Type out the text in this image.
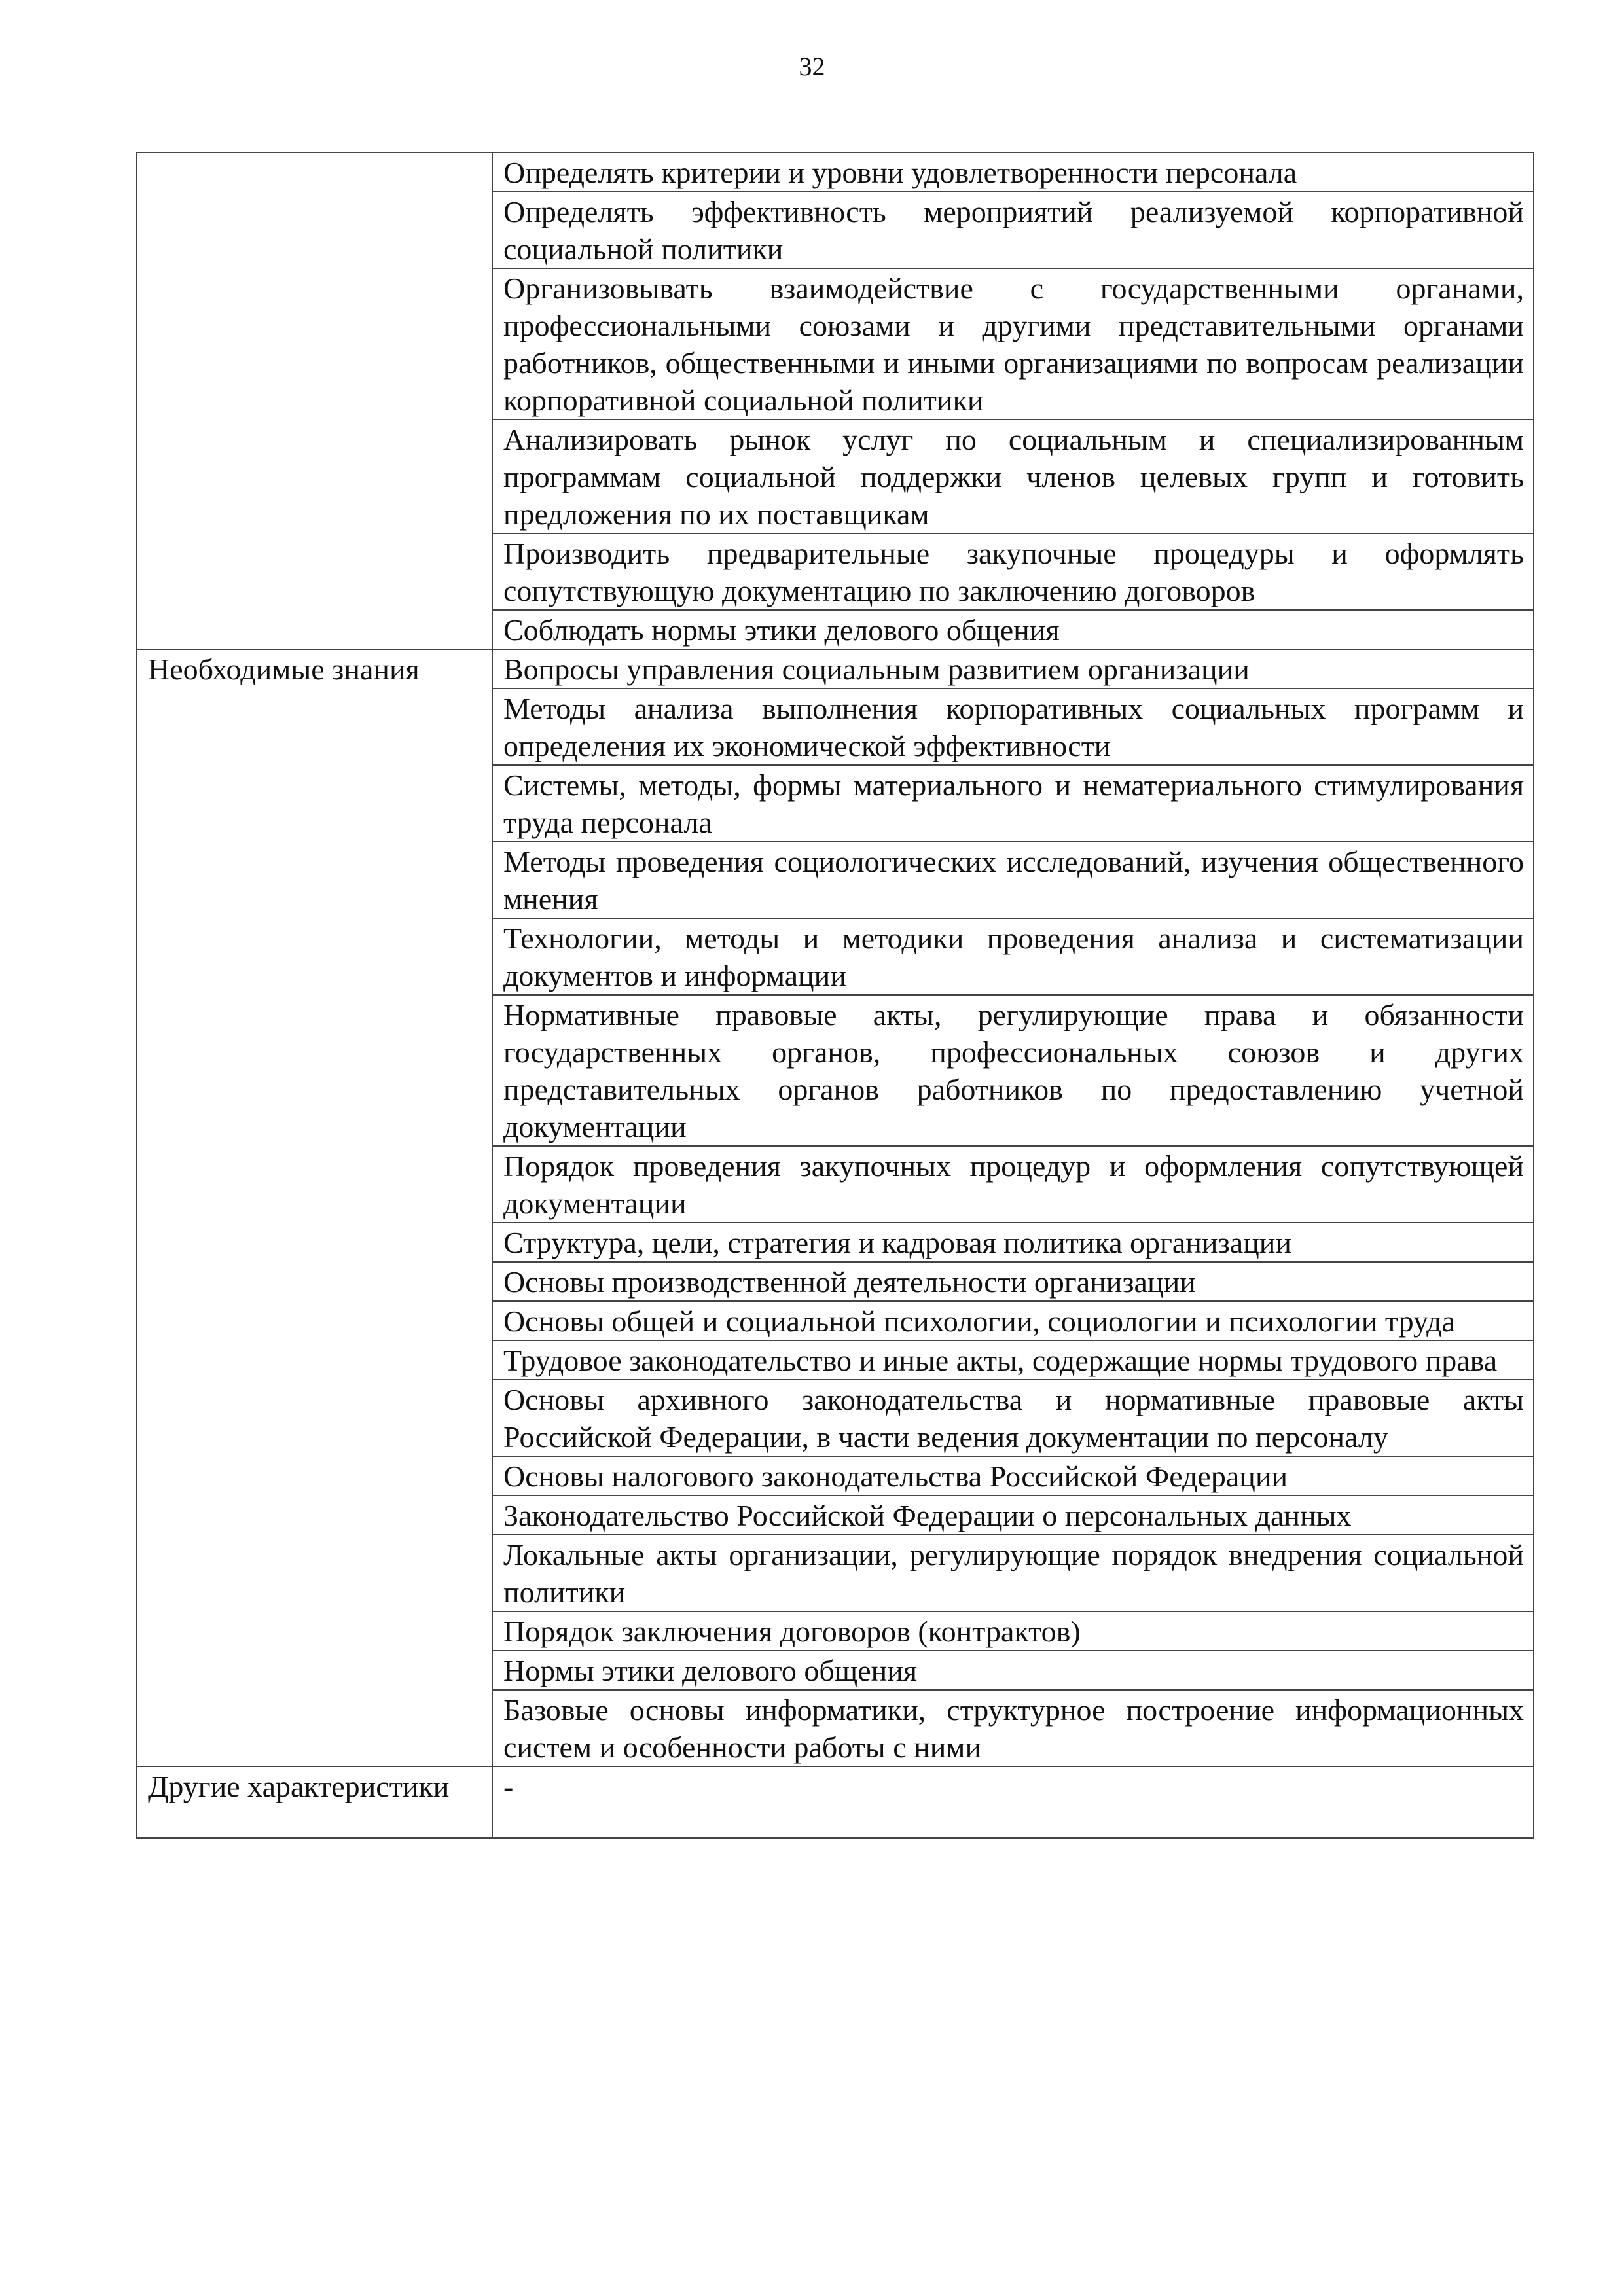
32
	Определять критерии и уровни удовлетворенности персонала
	Определять эффективность мероприятий реализуемой корпоративной социальной политики
	Организовывать взаимодействие с государственными органами, профессиональными союзами и другими представительными органами работников, общественными и иными организациями по вопросам реализации корпоративной социальной политики
	Анализировать рынок услуг по социальным и специализированным программам социальной поддержки членов целевых групп и готовить предложения по их поставщикам
	Производить предварительные закупочные процедуры и оформлять сопутствующую документацию по заключению договоров
	Соблюдать нормы этики делового общения
Необходимые знания	Вопросы управления социальным развитием организации
	Методы анализа выполнения корпоративных социальных программ и определения их экономической эффективности
	Системы, методы, формы материального и нематериального стимулирования труда персонала
	Методы проведения социологических исследований, изучения общественного мнения
	Технологии, методы и методики проведения анализа и систематизации документов и информации
	Нормативные правовые акты, регулирующие права и обязанности государственных органов, профессиональных союзов и других представительных органов работников по предоставлению учетной документации
	Порядок проведения закупочных процедур и оформления сопутствующей документации
	Структура, цели, стратегия и кадровая политика организации
	Основы производственной деятельности организации
	Основы общей и социальной психологии, социологии и психологии труда
	Трудовое законодательство и иные акты, содержащие нормы трудового права
	Основы архивного законодательства и нормативные правовые акты Российской Федерации, в части ведения документации по персоналу
	Основы налогового законодательства Российской Федерации
	Законодательство Российской Федерации о персональных данных
	Локальные акты организации, регулирующие порядок внедрения социальной политики
	Порядок заключения договоров (контрактов)
	Нормы этики делового общения
	Базовые основы информатики, структурное построение информационных систем и особенности работы с ними
Другие характеристики	-
